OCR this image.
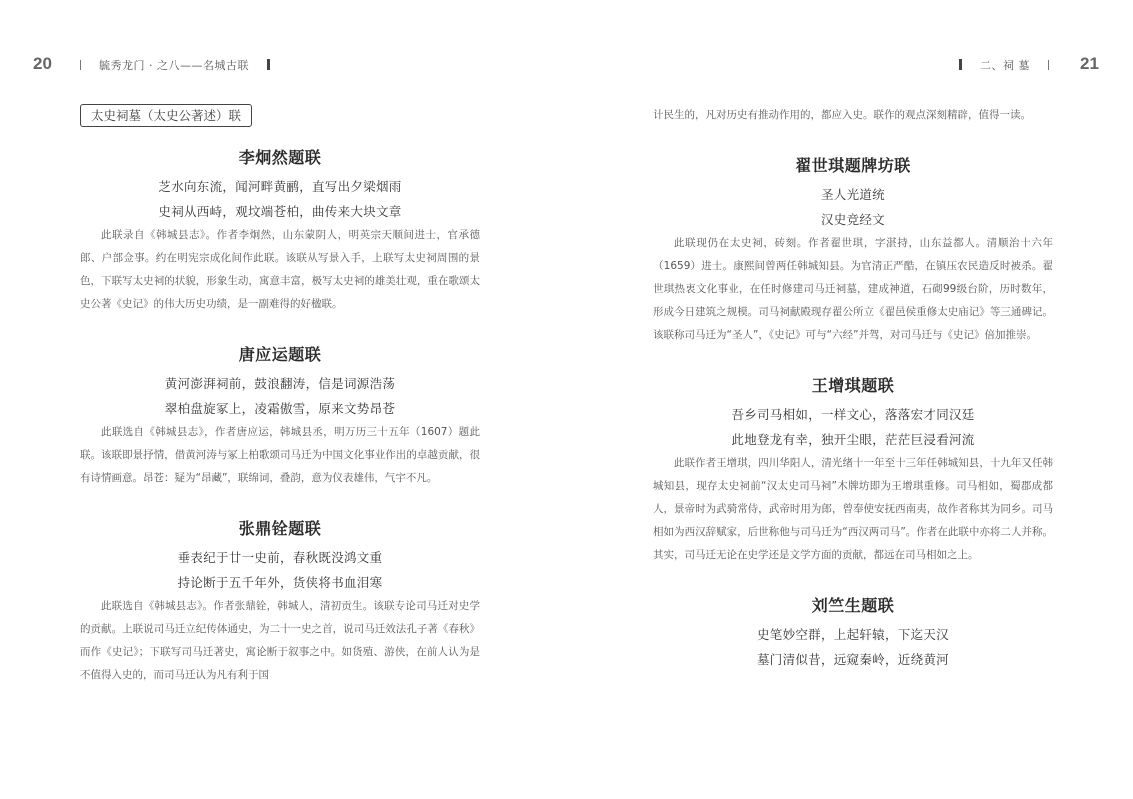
20	毓秀龙门 · 之八——名城古联	二、祠 墓	21
太史祠墓（太史公著述）联

李炯然题联

芝水向东流，闻河畔黄鹂，直写出夕梁烟雨

史祠从西峙，观坟端苍柏，曲传来大块文章

此联录自《韩城县志》。作者李炯然，山东蒙阴人，明英宗天顺间进士，官承德郎、户部佥事。约在明宪宗成化间作此联。该联从写景入手，上联写太史祠周围的景色，下联写太史祠的状貌，形象生动，寓意丰富，极写太史祠的雄美壮观，重在歌颂太史公著《史记》的伟大历史功绩，是一副难得的好楹联。

唐应运题联

黄河澎湃祠前，鼓浪翻涛，信是词源浩荡

翠柏盘旋冢上，凌霜傲雪，原来文势昂苍

此联选自《韩城县志》，作者唐应运，韩城县丞，明万历三十五年（1607）题此联。该联即景抒情，借黄河涛与冢上柏歌颂司马迁为中国文化事业作出的卓越贡献，很有诗情画意。昂苍：疑为“昂藏”，联绵词，叠韵，意为仪表雄伟，气宇不凡。

张鼎铨题联

垂表纪于廿一史前，春秋既没鸿文重

持论断于五千年外，货侠将书血泪寒

此联选自《韩城县志》。作者张鼎铨，韩城人，清初贡生。该联专论司马迁对史学的贡献。上联说司马迁立纪传体通史，为二十一史之首，说司马迁效法孔子著《春秋》而作《史记》；下联写司马迁著史，寓论断于叙事之中。如货殖、游侠，在前人认为是不值得入史的，而司马迁认为凡有利于国

计民生的，凡对历史有推动作用的，都应入史。联作的观点深刻精辟，值得一读。

翟世琪题牌坊联

圣人光道统

汉史竞经文

此联现仍在太史祠，砖刻。作者翟世琪，字湛持，山东益都人。清顺治十六年（1659）进士。康熙间曾两任韩城知县。为官清正严酷，在镇压农民造反时被杀。翟世琪热衷文化事业，在任时修建司马迁祠墓，建成神道，石砌99级台阶，历时数年，形成今日建筑之规模。司马祠献殿现存翟公所立《翟邑侯重修太史庙记》等三通碑记。该联称司马迁为“圣人”，《史记》可与“六经”并驾，对司马迁与《史记》倍加推崇。

王增琪题联

吾乡司马相如，一样文心，落落宏才同汉廷

此地登龙有幸，独开尘眼，茫茫巨浸看河流

此联作者王增琪，四川华阳人，清光绪十一年至十三年任韩城知县，十九年又任韩城知县，现存太史祠前“汉太史司马祠”木牌坊即为王增琪重修。司马相如，蜀郡成都人，景帝时为武骑常侍，武帝时用为郎，曾奉使安抚西南夷，故作者称其为同乡。司马相如为西汉辞赋家，后世称他与司马迁为“西汉两司马”。作者在此联中亦将二人并称。其实，司马迁无论在史学还是文学方面的贡献，都远在司马相如之上。

刘竺生题联

史笔妙空群，上起轩辕，下迄天汉

墓门清似昔，远窥秦岭，近绕黄河
